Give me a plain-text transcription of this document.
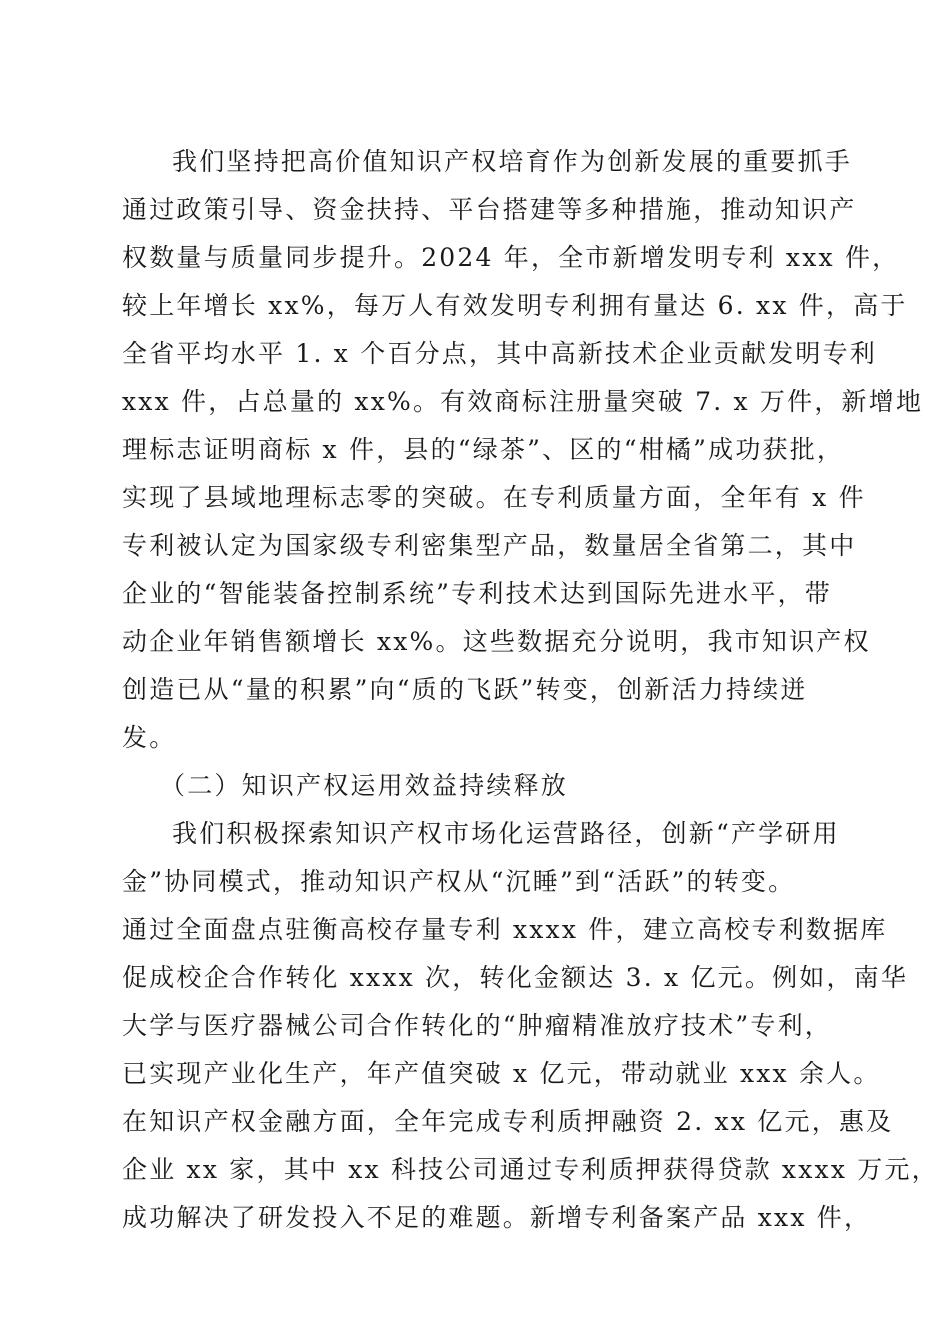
我们坚持把高价值知识产权培育作为创新发展的重要抓手
通过政策引导、资金扶持、平台搭建等多种措施，推动知识产
权数量与质量同步提升。2024 年，全市新增发明专利 xxx 件，
较上年增长 xx%，每万人有效发明专利拥有量达 6. xx 件，高于
全省平均水平 1. x 个百分点，其中高新技术企业贡献发明专利
xxx 件，占总量的 xx%。有效商标注册量突破 7. x 万件，新增地
理标志证明商标 x 件，县的“绿茶”、区的“柑橘”成功获批，
实现了县域地理标志零的突破。在专利质量方面，全年有 x 件
专利被认定为国家级专利密集型产品，数量居全省第二，其中
企业的“智能装备控制系统”专利技术达到国际先进水平，带
动企业年销售额增长 xx%。这些数据充分说明，我市知识产权
创造已从“量的积累”向“质的飞跃”转变，创新活力持续迸
发。
（二）知识产权运用效益持续释放
我们积极探索知识产权市场化运营路径，创新“产学研用
金”协同模式，推动知识产权从“沉睡”到“活跃”的转变。
通过全面盘点驻衡高校存量专利 xxxx 件，建立高校专利数据库
促成校企合作转化 xxxx 次，转化金额达 3. x 亿元。例如，南华
大学与医疗器械公司合作转化的“肿瘤精准放疗技术”专利，
已实现产业化生产，年产值突破 x 亿元，带动就业 xxx 余人。
在知识产权金融方面，全年完成专利质押融资 2. xx 亿元，惠及
企业 xx 家，其中 xx 科技公司通过专利质押获得贷款 xxxx 万元，
成功解决了研发投入不足的难题。新增专利备案产品 xxx 件，
